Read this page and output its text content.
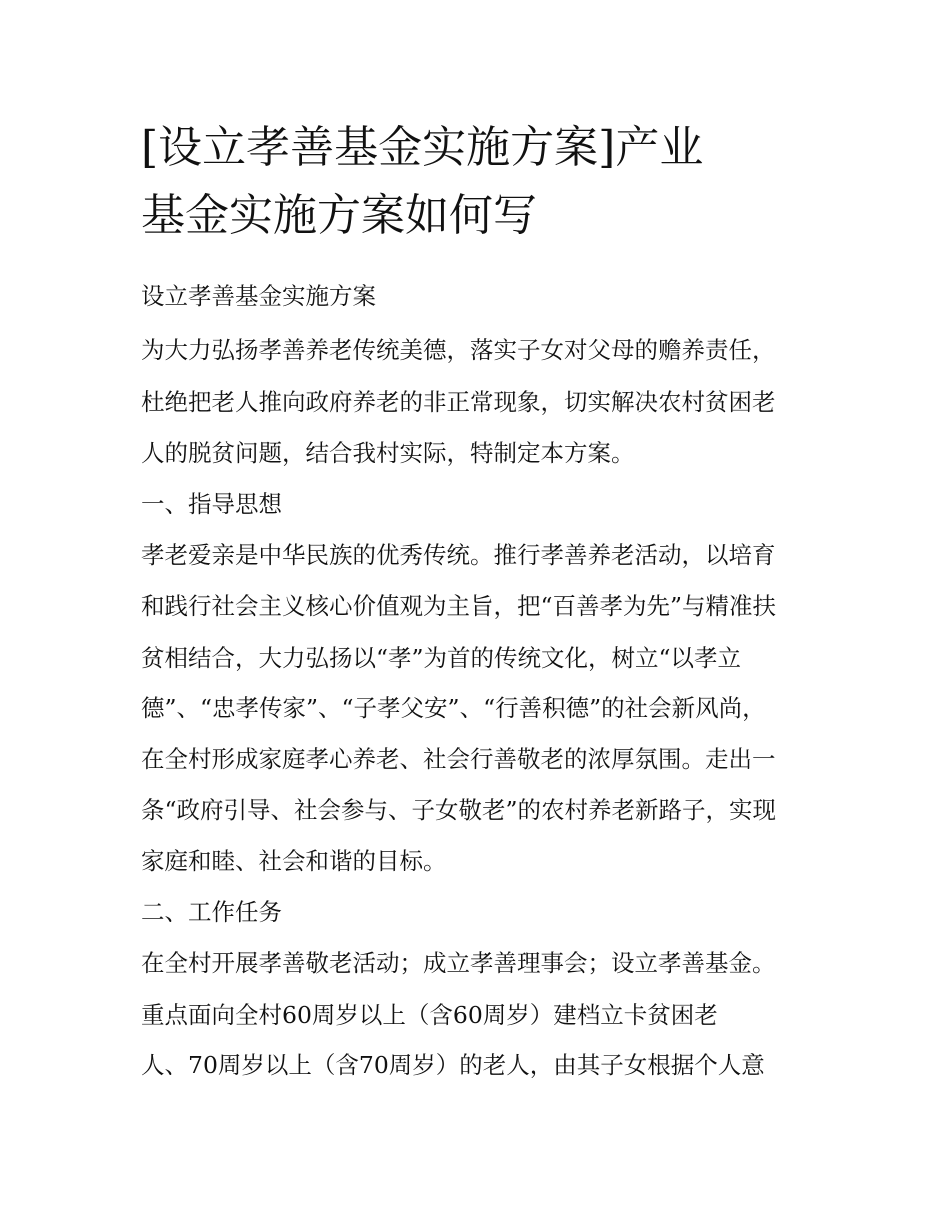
[设立孝善基金实施方案]产业
基金实施方案如何写

设立孝善基金实施方案

为大力弘扬孝善养老传统美德，落实子女对父母的赡养责任，

杜绝把老人推向政府养老的非正常现象，切实解决农村贫困老

人的脱贫问题，结合我村实际，特制定本方案。

一、指导思想

孝老爱亲是中华民族的优秀传统。推行孝善养老活动，以培育

和践行社会主义核心价值观为主旨，把“百善孝为先”与精准扶

贫相结合，大力弘扬以“孝”为首的传统文化，树立“以孝立

德”、“忠孝传家”、“子孝父安”、“行善积德”的社会新风尚，

在全村形成家庭孝心养老、社会行善敬老的浓厚氛围。走出一

条“政府引导、社会参与、子女敬老”的农村养老新路子，实现

家庭和睦、社会和谐的目标。

二、工作任务

在全村开展孝善敬老活动；成立孝善理事会；设立孝善基金。

重点面向全村60周岁以上（含60周岁）建档立卡贫困老

人、70周岁以上（含70周岁）的老人，由其子女根据个人意
